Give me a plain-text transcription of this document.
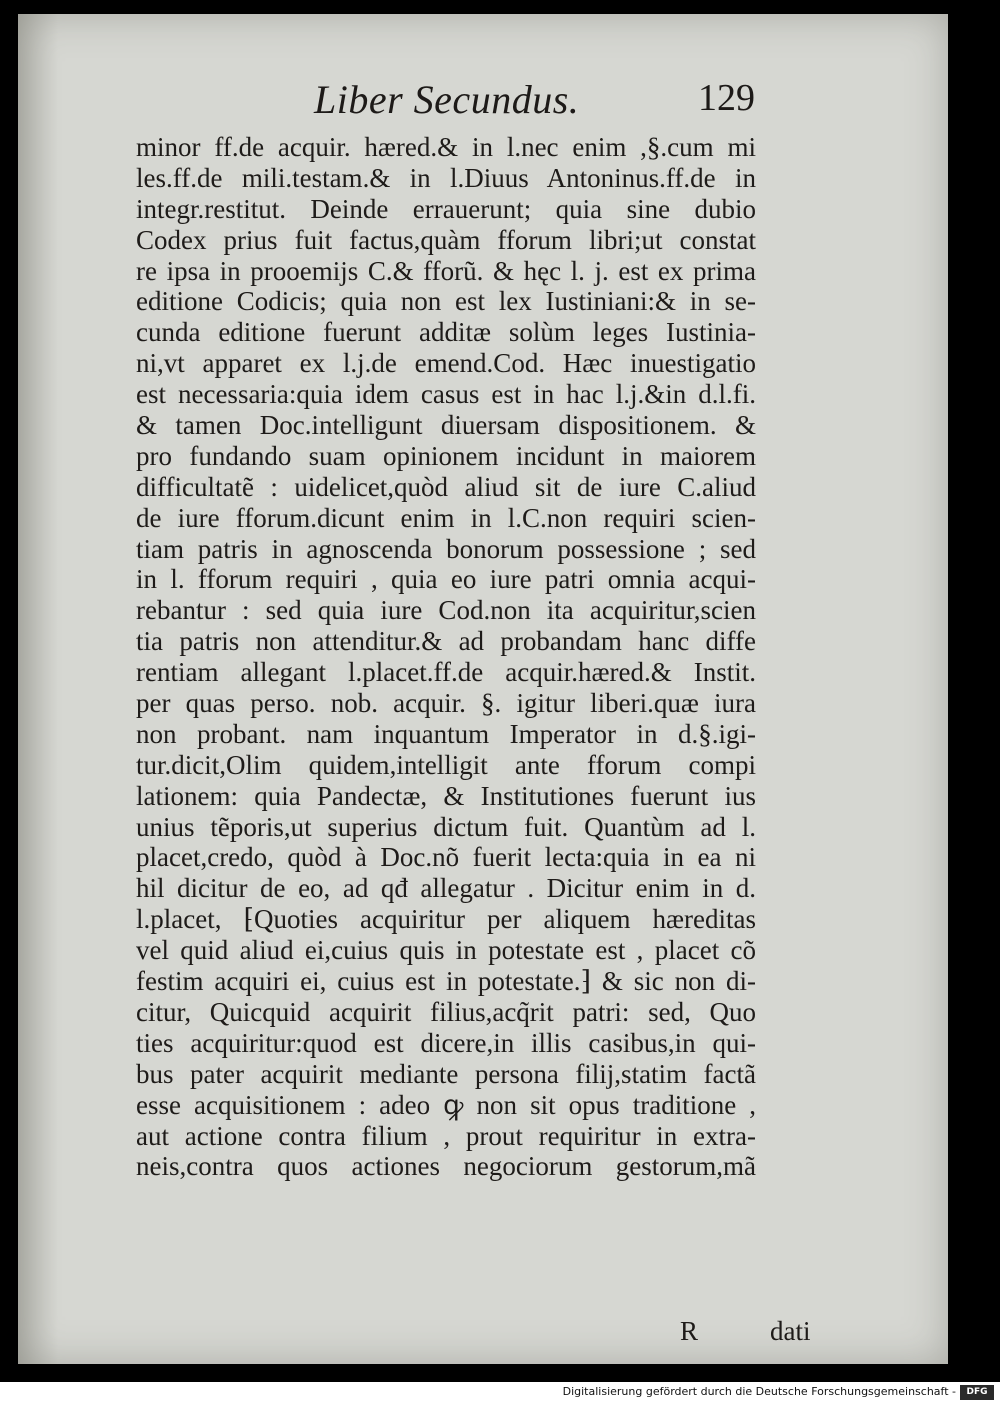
Liber Secundus.	129
minor ff.de acquir. hæred.& in l.nec enim ,§.cum mi
les.ff.de mili.testam.& in l.Diuus Antoninus.ff.de in
integr.restitut. Deinde errauerunt; quia sine dubio
Codex prius fuit factus,quàm fforum libri;ut constat
re ipsa in prooemijs C.& fforũ. & hęc l. j. est ex prima
editione Codicis; quia non est lex Iustiniani:& in se-
cunda editione fuerunt additæ solùm leges Iustinia-
ni,vt apparet ex l.j.de emend.Cod. Hæc inuestigatio
est necessaria:quia idem casus est in hac l.j.&in d.l.fi.
& tamen Doc.intelligunt diuersam dispositionem. &
pro fundando suam opinionem incidunt in maiorem
difficultatẽ : uidelicet,quòd aliud sit de iure C.aliud
de iure fforum.dicunt enim in l.C.non requiri scien-
tiam patris in agnoscenda bonorum possessione ; sed
in l. fforum requiri , quia eo iure patri omnia acqui-
rebantur : sed quia iure Cod.non ita acquiritur,scien
tia patris non attenditur.& ad probandam hanc diffe
rentiam allegant l.placet.ff.de acquir.hæred.& Instit.
per quas perso. nob. acquir. §. igitur liberi.quæ iura
non probant. nam inquantum Imperator in d.§.igi-
tur.dicit,Olim quidem,intelligit ante fforum compi
lationem: quia Pandectæ, & Institutiones fuerunt ius
unius tẽporis,ut superius dictum fuit. Quantùm ad l.
placet,credo, quòd à Doc.nõ fuerit lecta:quia in ea ni
hil dicitur de eo, ad qđ allegatur . Dicitur enim in d.
l.placet, ⁅Quoties acquiritur per aliquem hæreditas
vel quid aliud ei,cuius quis in potestate est , placet cõ
festim acquiri ei, cuius est in potestate.⁆ & sic non di-
citur, Quicquid acquirit filius,acq̃rit patri: sed, Quo
ties acquiritur:quod est dicere,in illis casibus,in qui-
bus pater acquirit mediante persona filij,statim factã
esse acquisitionem : adeo ꝙ non sit opus traditione ,
aut actione contra filium , prout requiritur in extra-
neis,contra quos actiones negociorum gestorum,mã
R	dati
Digitalisierung gefördert durch die Deutsche Forschungsgemeinschaft -	DFG
